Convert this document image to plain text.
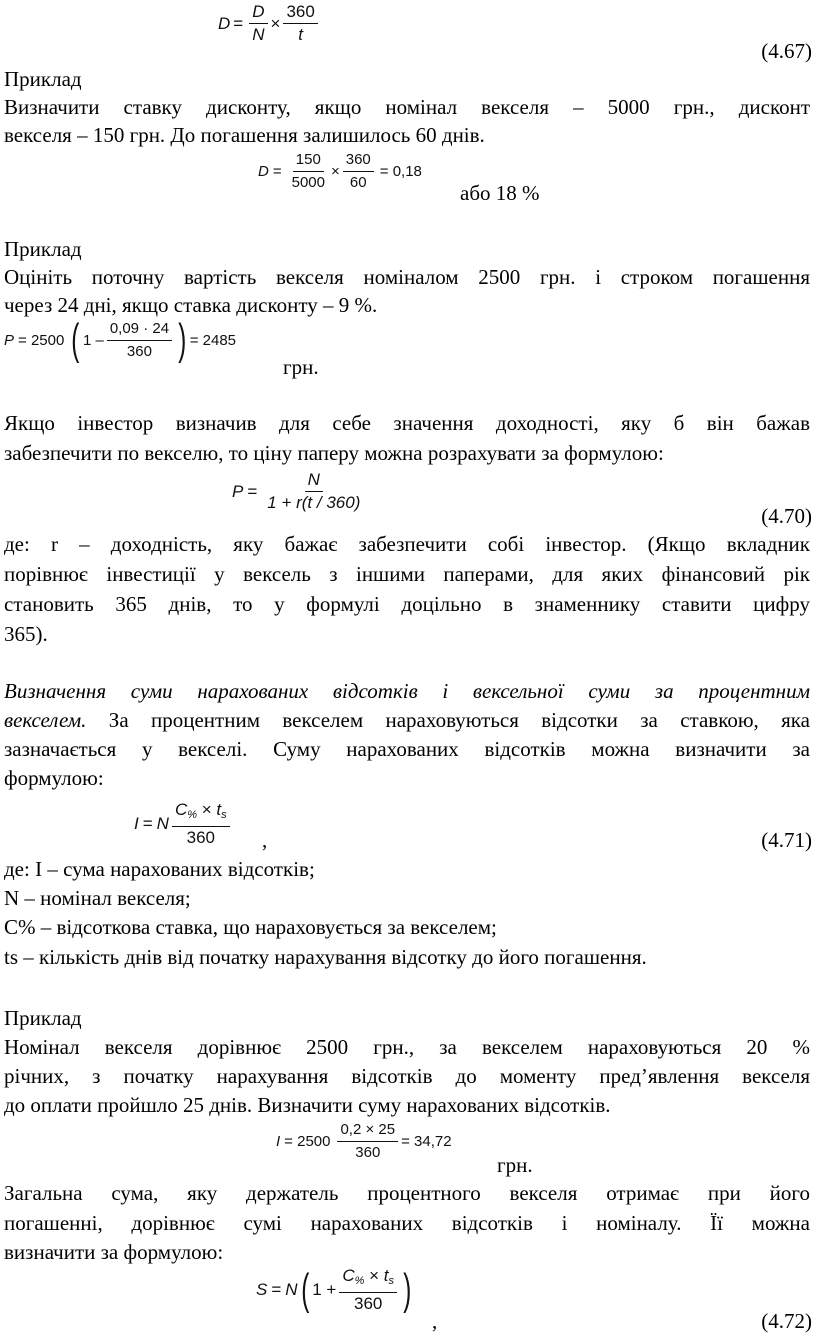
$D = \frac{D}{N} \times \frac{360}{t}$
(4.67)
Приклад
Визначити ставку дисконту, якщо номінал векселя – 5000 грн., дисконт
векселя – 150 грн. До погашення залишилось 60 днів.
$D = \frac{150}{5000} \times \frac{360}{60} = 0,18$
або 18 %
Приклад
Оцініть поточну вартість векселя номіналом 2500 грн. і строком погашення
через 24 дні, якщо ставка дисконту – 9 %.
P = 2500 ( $1 - \frac{0,09 \cdot 24}{360}$ ) = 2485
грн.
Якщо інвестор визначив для себе значення доходності, яку б він бажав
забезпечити по векселю, то ціну паперу можна розрахувати за формулою:
$P = \frac{N}{1 + r(t / 360)}$
(4.70)
де: r – доходність, яку бажає забезпечити собі інвестор. (Якщо вкладник
порівнює інвестиції у вексель з іншими паперами, для яких фінансовий рік
становить 365 днів, то у формулі доцільно в знаменнику ставити цифру
365).
Визначення суми нарахованих відсотків і вексельної суми за процентним
векселем. За процентним векселем нараховуються відсотки за ставкою, яка
зазначається у векселі. Суму нарахованих відсотків можна визначити за
формулою:
I = N $\frac{C_{\%} \times t_s}{360}$ ,	(4.71)
де: I – сума нарахованих відсотків;
N – номінал векселя;
С% – відсоткова ставка, що нараховується за векселем;
ts – кількість днів від початку нарахування відсотку до його погашення.
Приклад
Номінал векселя дорівнює 2500 грн., за векселем нараховуються 20 %
річних, з початку нарахування відсотків до моменту пред’явлення векселя
до оплати пройшло 25 днів. Визначити суму нарахованих відсотків.
$I = 2500 \frac{0,2 \times 25}{360} = 34,72$
грн.
Загальна сума, яку держатель процентного векселя отримає при його
погашенні, дорівнює сумі нарахованих відсотків і номіналу. Її можна
визначити за формулою:
S = N ( $1 + \frac{C_{\%} \times t_s}{360}$ )
,	(4.72)
